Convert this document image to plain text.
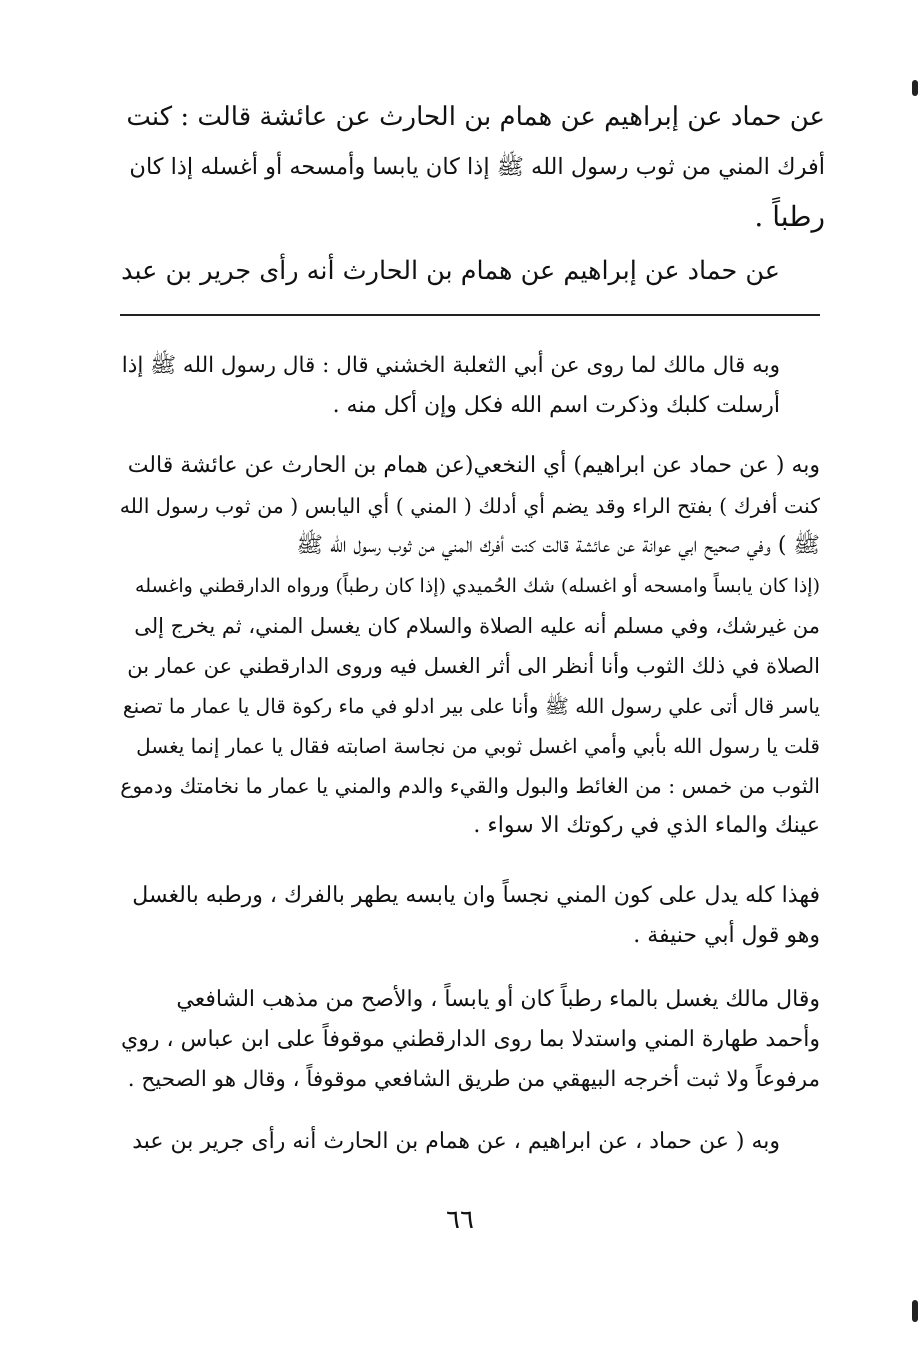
عن حماد عن إبراهيم عن همام بن الحارث عن عائشة قالت : كنت
أفرك المني من ثوب رسول الله ﷺ إذا كان يابسا وأمسحه أو أغسله إذا كان
رطباً .
عن حماد عن إبراهيم عن همام بن الحارث أنه رأى جرير بن عبد
وبه قال مالك لما روى عن أبي الثعلبة الخشني قال : قال رسول الله ﷺ إذا
أرسلت كلبك وذكرت اسم الله فكل وإن أكل منه .
وبه ( عن حماد عن ابراهيم) أي النخعي(عن همام بن الحارث عن عائشة قالت
كنت أفرك ) بفتح الراء وقد يضم أي أدلك ( المني ) أي اليابس ( من ثوب رسول الله
ﷺ ) وفي صحيح ابي عوانة عن عائشة قالت كنت أفرك المني من ثوب رسول الله ﷺ
(إذا كان يابساً وامسحه أو اغسله) شك الحُميدي (إذا كان رطباً) ورواه الدارقطني واغسله
من غيرشك، وفي مسلم أنه عليه الصلاة والسلام كان يغسل المني، ثم يخرج إلى
الصلاة في ذلك الثوب وأنا أنظر الى أثر الغسل فيه وروى الدارقطني عن عمار بن
ياسر قال أتى علي رسول الله ﷺ وأنا على بير ادلو في ماء ركوة قال يا عمار ما تصنع
قلت يا رسول الله بأبي وأمي اغسل ثوبي من نجاسة اصابته فقال يا عمار إنما يغسل
الثوب من خمس : من الغائط والبول والقيء والدم والمني يا عمار ما نخامتك ودموع
عينك والماء الذي في ركوتك الا سواء .
فهذا كله يدل على كون المني نجساً وان يابسه يطهر بالفرك ، ورطبه بالغسل
وهو قول أبي حنيفة .
وقال مالك يغسل بالماء رطباً كان أو يابساً ، والأصح من مذهب الشافعي
وأحمد طهارة المني واستدلا بما روى الدارقطني موقوفاً على ابن عباس ، روي
مرفوعاً ولا ثبت أخرجه البيهقي من طريق الشافعي موقوفاً ، وقال هو الصحيح .
وبه ( عن حماد ، عن ابراهيم ، عن همام بن الحارث أنه رأى جرير بن عبد
٦٦
